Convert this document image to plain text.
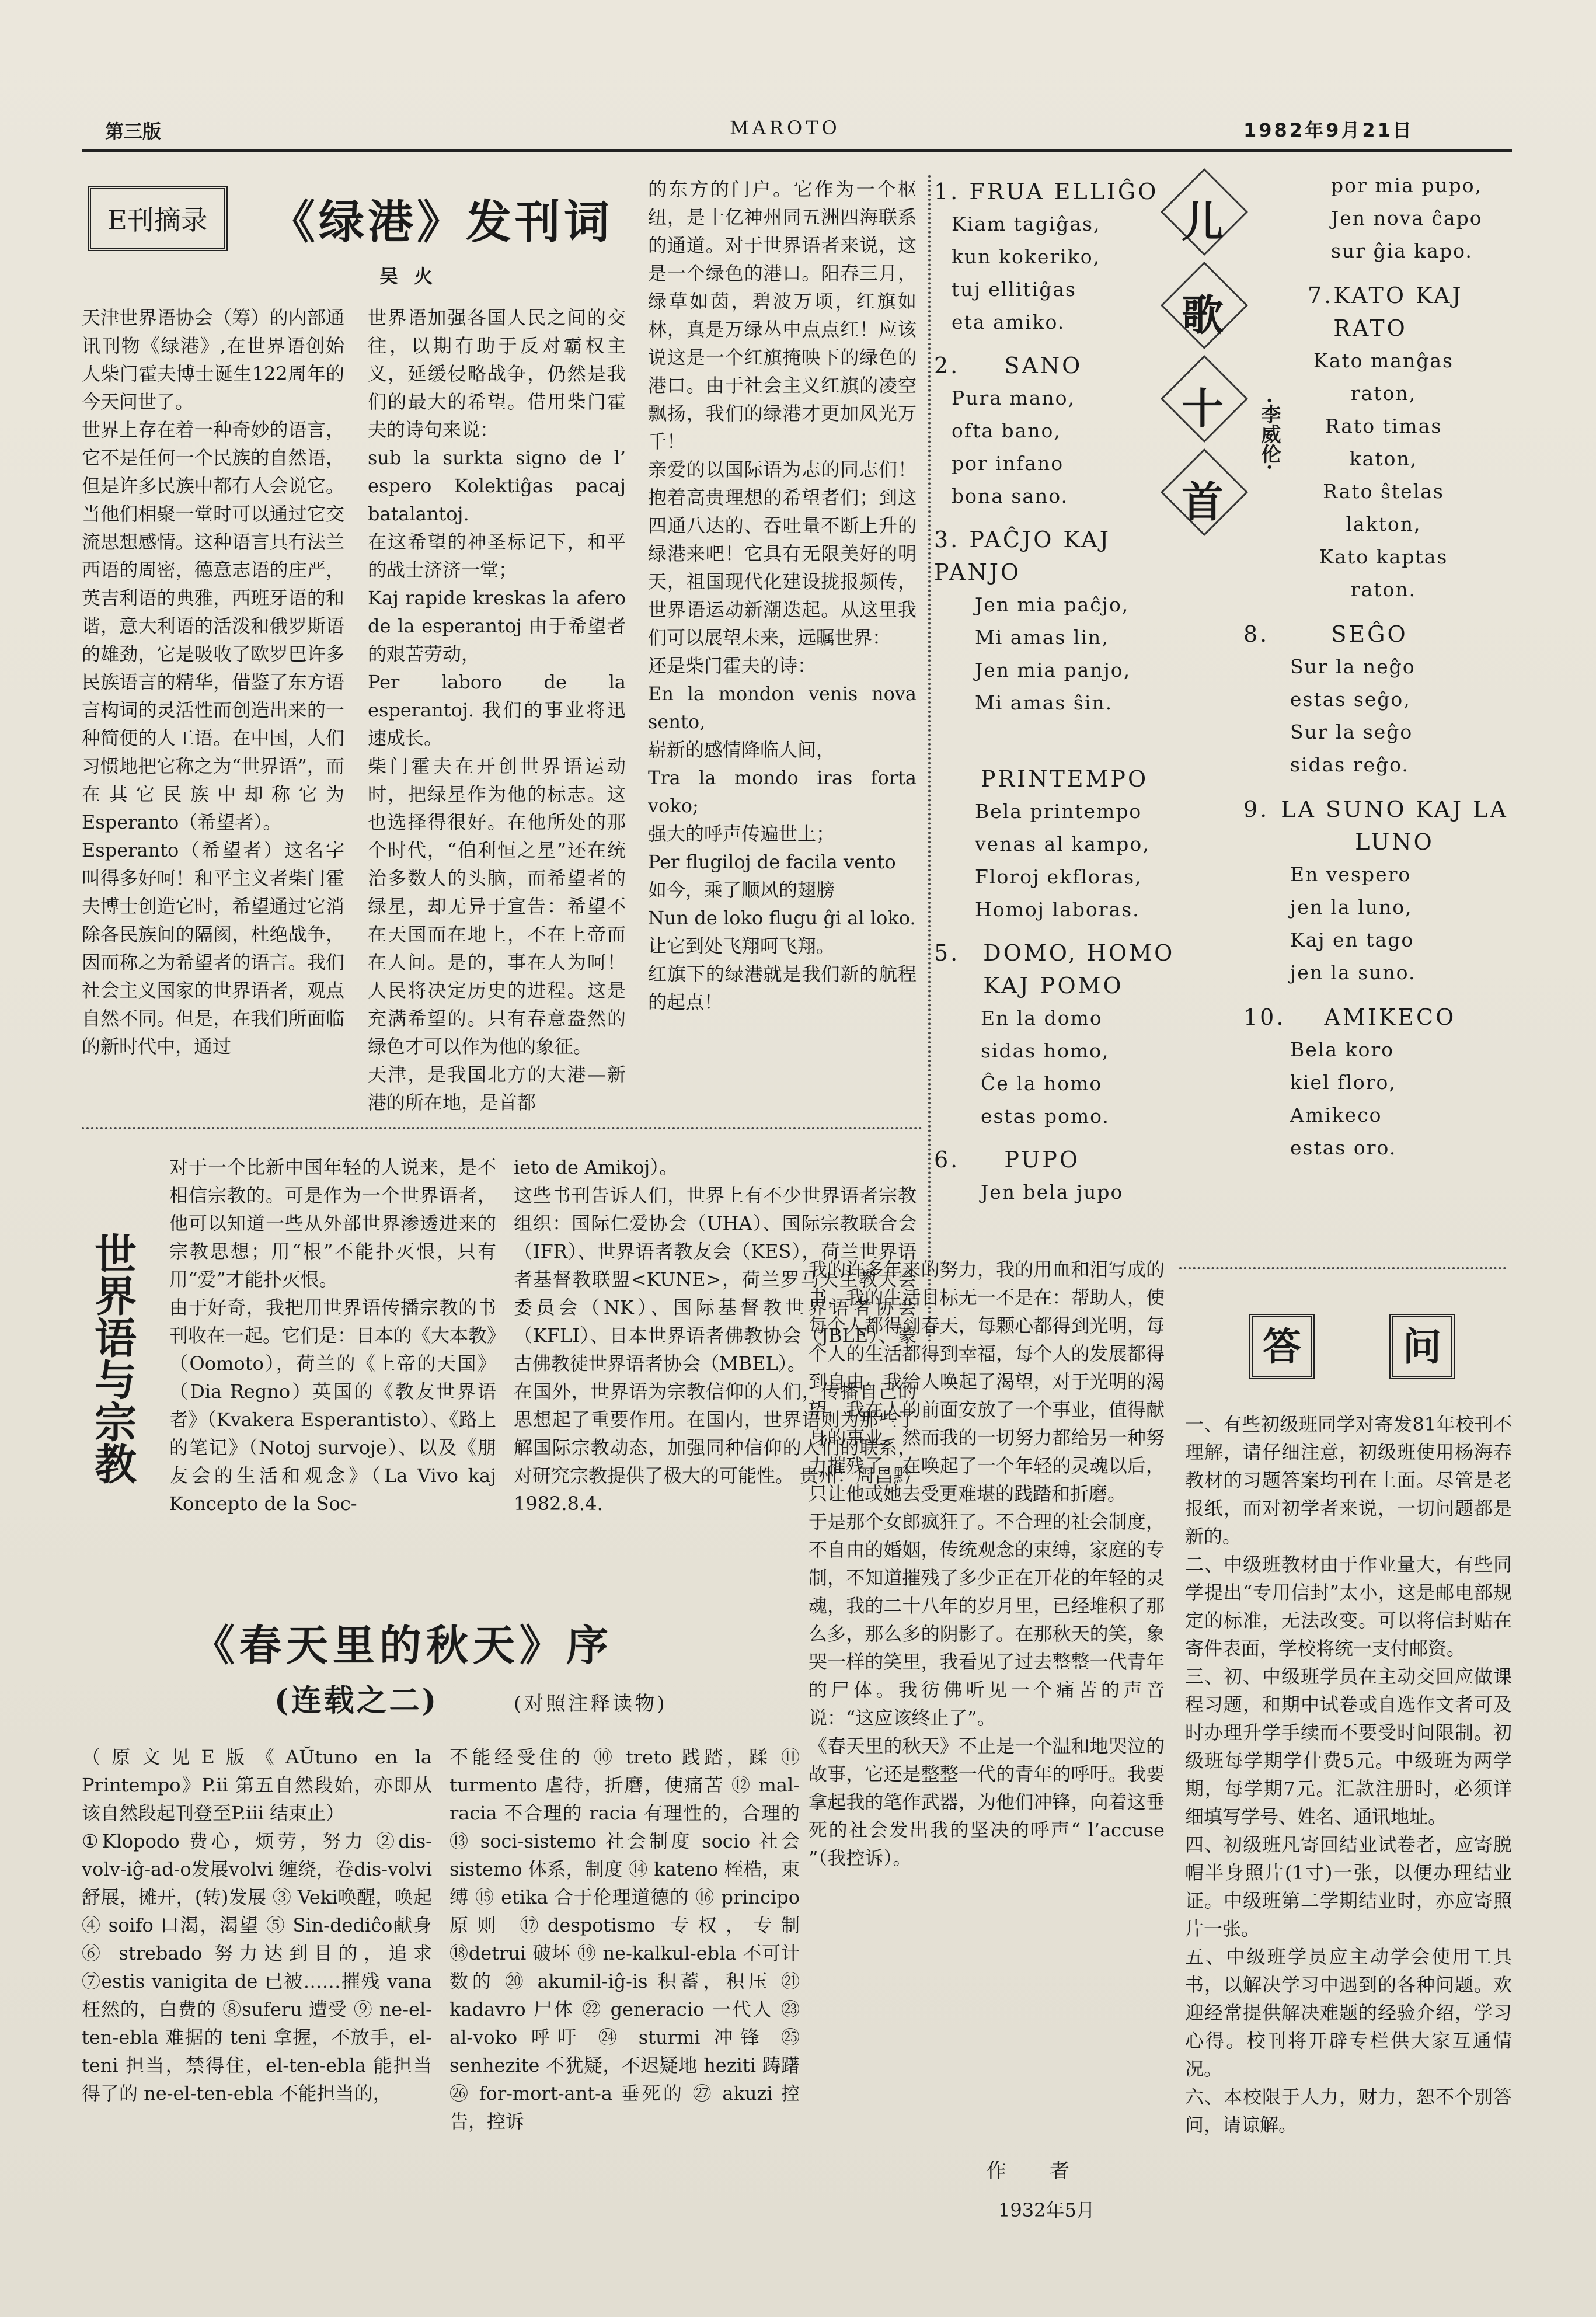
第三版	MAROTO	1982年9月21日
E刊摘录 《绿港》发刊词
吴 火
天津世界语协会（筹）的内部通讯刊物《绿港》,在世界语创始人柴门霍夫博士诞生122周年的今天问世了。
世界上存在着一种奇妙的语言，它不是任何一个民族的自然语，但是许多民族中都有人会说它。当他们相聚一堂时可以通过它交流思想感情。这种语言具有法兰西语的周密，德意志语的庄严，英吉利语的典雅，西班牙语的和谐，意大利语的活泼和俄罗斯语的雄劲，它是吸收了欧罗巴许多民族语言的精华，借鉴了东方语言构词的灵活性而创造出来的一种简便的人工语。在中国，人们习惯地把它称之为“世界语”，而在其它民族中却称它为Esperanto（希望者）。
Esperanto（希望者）这名字叫得多好呵！和平主义者柴门霍夫博士创造它时，希望通过它消除各民族间的隔阂，杜绝战争，因而称之为希望者的语言。我们社会主义国家的世界语者，观点自然不同。但是，在我们所面临的新时代中，通过
世界语加强各国人民之间的交往，以期有助于反对霸权主义，延缓侵略战争，仍然是我们的最大的希望。借用柴门霍夫的诗句来说：
sub la surkta signo de l’ espero Kolektiĝas pacaj batalantoj.
在这希望的神圣标记下，和平的战士济济一堂；
Kaj rapide kreskas la afero de la esperantoj 由于希望者的艰苦劳动，
Per laboro de la esperantoj. 我们的事业将迅速成长。
柴门霍夫在开创世界语运动时，把绿星作为他的标志。这也选择得很好。在他所处的那个时代，“伯利恒之星”还在统治多数人的头脑，而希望者的绿星，却无异于宣告：希望不在天国而在地上，不在上帝而在人间。是的，事在人为呵！人民将决定历史的进程。这是充满希望的。只有春意盎然的绿色才可以作为他的象征。
天津，是我国北方的大港—新港的所在地，是首都
的东方的门户。它作为一个枢纽，是十亿神州同五洲四海联系的通道。对于世界语者来说，这是一个绿色的港口。阳春三月，绿草如茵，碧波万顷，红旗如林，真是万绿丛中点点红！应该说这是一个红旗掩映下的绿色的港口。由于社会主义红旗的凌空飘扬，我们的绿港才更加风光万千！
亲爱的以国际语为志的同志们！ 抱着高贵理想的希望者们；到这四通八达的、吞吐量不断上升的绿港来吧！它具有无限美好的明天，祖国现代化建设拢报频传，世界语运动新潮迭起。从这里我们可以展望未来，远瞩世界：
还是柴门霍夫的诗：
En la mondon venis nova sento,
崭新的感情降临人间，
Tra la mondo iras forta voko;
强大的呼声传遍世上；
Per flugiloj de facila vento
如今，乘了顺风的翅膀
Nun de loko flugu ĝi al loko.
让它到处飞翔呵飞翔。
红旗下的绿港就是我们新的航程的起点！
世界语与宗教
对于一个比新中国年轻的人说来，是不相信宗教的。可是作为一个世界语者，他可以知道一些从外部世界渗透进来的宗教思想；用“根”不能扑灭恨，只有用“爱”才能扑灭恨。
由于好奇，我把用世界语传播宗教的书刊收在一起。它们是：日本的《大本教》（Oomoto），荷兰的《上帝的天国》（Dia Regno）英国的《教友世界语者》（Kvakera Esperantisto）、《路上的笔记》（Notoj survoje）、以及《朋友会的生活和观念》（La Vivo kaj Koncepto de la Soc-
ieto de Amikoj）。
这些书刊告诉人们，世界上有不少世界语者宗教组织：国际仁爱协会（UHA）、国际宗教联合会（IFR）、世界语者教友会（KES），荷兰世界语者基督教联盟<KUNE>，荷兰罗马天主教大会委员会（NK）、国际基督教世界语者协会（KFLI）、日本世界语者佛教协会（JBLE）、蒙古佛教徒世界语者协会（MBEL）。
在国外，世界语为宗教信仰的人们，传播自己的思想起了重要作用。在国内，世界语则为那些了解国际宗教动态，加强同种信仰的人们的联系，对研究宗教提供了极大的可能性。 贵州：周昌黔
1982.8.4.
《春天里的秋天》序
(连载之二)	(对照注释读物)
（原文见E版《AŬtuno en la Printempo》P.ii 第五自然段始，亦即从该自然段起刊登至P.iii 结束止）
①Klopodo 费心，烦劳，努力 ②dis-volv-iĝ-ad-o发展volvi 缠绕，卷dis-volvi 舒展，摊开，(转)发展 ③ Veki唤醒，唤起 ④ soifo 口渴，渴望 ⑤ Sin-dediĉo献身 ⑥ strebado 努力达到目的，追求 ⑦estis vanigita de 已被……摧残 vana枉然的，白费的 ⑧suferu 遭受 ⑨ ne-el-ten-ebla 难据的 teni 拿握，不放手，el-teni 担当，禁得住，el-ten-ebla 能担当得了的 ne-el-ten-ebla 不能担当的，
不能经受住的 ⑩ treto 践踏，蹂 ⑪ turmento 虐待，折磨，使痛苦 ⑫ mal-racia 不合理的 racia 有理性的，合理的 ⑬ soci-sistemo 社会制度 socio 社会 sistemo 体系，制度 ⑭ kateno 桎梏，束缚 ⑮ etika 合于伦理道德的 ⑯ principo 原则 ⑰despotismo 专权，专制 ⑱detrui 破坏 ⑲ ne-kalkul-ebla 不可计数的 ⑳ akumil-iĝ-is 积蓄，积压 ㉑ kadavro 尸体 ㉒ generacio 一代人 ㉓ al-voko 呼吁 ㉔ sturmi 冲锋 ㉕ senhezite 不犹疑，不迟疑地 heziti 踌躇 ㉖ for-mort-ant-a 垂死的 ㉗ akuzi 控告，控诉
我的许多年来的努力，我的用血和泪写成的书，我的生活目标无一不是在：帮助人，使每个人都得到春天，每颗心都得到光明，每个人的生活都得到幸福，每个人的发展都得到自由。我给人唤起了渴望，对于光明的渴望，我在人的前面安放了一个事业，值得献身的事业。然而我的一切努力都给另一种努力摧残了。在唤起了一个年轻的灵魂以后，只让他或她去受更难堪的践踏和折磨。
于是那个女郎疯狂了。不合理的社会制度，不自由的婚姻，传统观念的束缚，家庭的专制，不知道摧残了多少正在开花的年轻的灵魂，我的二十八年的岁月里，已经堆积了那么多，那么多的阴影了。在那秋天的笑，象哭一样的笑里，我看见了过去整整一代青年的尸体。我彷佛听见一个痛苦的声音说：“这应该终止了”。
《春天里的秋天》不止是一个温和地哭泣的故事，它还是整整一代的青年的呼吁。我要拿起我的笔作武器，为他们冲锋，向着这垂死的社会发出我的坚决的呼声“ l’accuse ”（我控诉）。
作　者
1932年5月
1. FRUA ELLIĜO
Kiam tagiĝas,
kun kokeriko,
tuj ellitiĝas
eta amiko.
2. SANO
Pura mano,
ofta bano,
por infano
bona sano.
3. PAĈJO KAJ PANJO
Jen mia paĉjo,
Mi amas lin,
Jen mia panjo,
Mi amas ŝin.
PRINTEMPO
Bela printempo
venas al kampo,
Floroj ekfloras,
Homoj laboras.
5. DOMO, HOMO
KAJ POMO
En la domo
sidas homo,
Ĉe la homo
estas pomo.
6. PUPO
Jen bela jupo
儿
歌
十
首
·李威伦·
por mia pupo,
Jen nova ĉapo
sur ĝia kapo.
7. KATO KAJ
RATO
Kato manĝas
raton,
Rato timas
katon,
Rato ŝtelas
lakton,
Kato kaptas raton.
8.	SEĜO
Sur la neĝo
estas seĝo,
Sur la seĝo
sidas reĝo.
9. LA SUNO KAJ LA
LUNO
En vespero
jen la luno,
Kaj en tago
jen la suno.
10. AMIKECO
Bela koro
kiel floro,
Amikeco
estas oro.
答	问
一、有些初级班同学对寄发81年校刊不理解，请仔细注意，初级班使用杨海春教材的习题答案均刊在上面。尽管是老报纸，而对初学者来说，一切问题都是新的。
二、中级班教材由于作业量大，有些同学提出“专用信封”太小，这是邮电部规定的标准，无法改变。可以将信封贴在寄件表面，学校将统一支付邮资。
三、初、中级班学员在主动交回应做课程习题，和期中试卷或自选作文者可及时办理升学手续而不要受时间限制。初级班每学期学什费5元。中级班为两学期，每学期7元。汇款注册时，必须详细填写学号、姓名、通讯地址。
四、初级班凡寄回结业试卷者，应寄脱帽半身照片(1寸)一张，以便办理结业证。中级班第二学期结业时，亦应寄照片一张。
五、中级班学员应主动学会使用工具书，以解决学习中遇到的各种问题。欢迎经常提供解决难题的经验介绍，学习心得。校刊将开辟专栏供大家互通情况。
六、本校限于人力，财力，恕不个别答问，请谅解。
